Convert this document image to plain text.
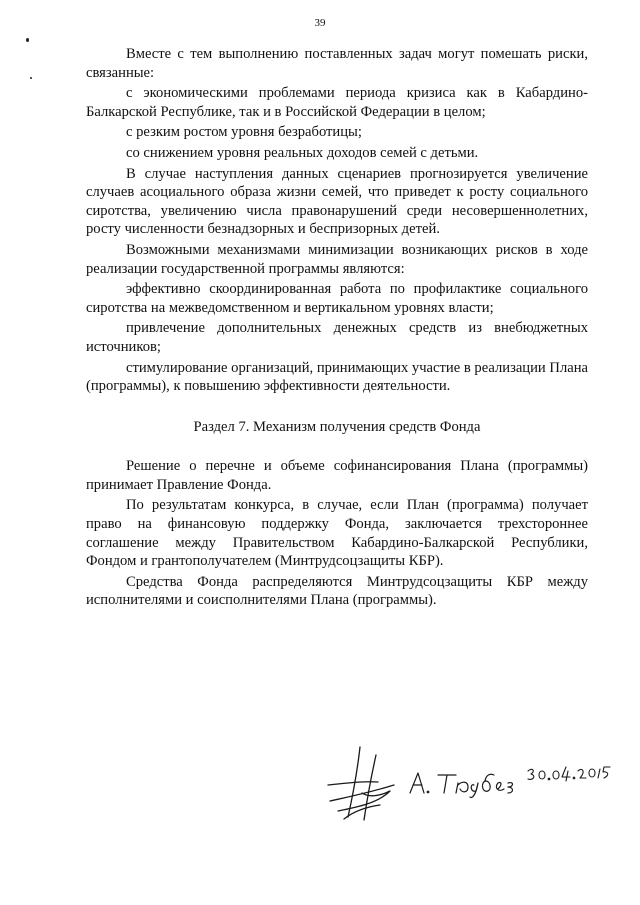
39

Вместе с тем выполнению поставленных задач могут помешать риски, связанные:

с экономическими проблемами периода кризиса как в Кабардино-Балкарской Республике, так и в Российской Федерации в целом;

с резким ростом уровня безработицы;

со снижением уровня реальных доходов семей с детьми.

В случае наступления данных сценариев прогнозируется увеличение случаев асоциального образа жизни семей, что приведет к росту социального сиротства, увеличению числа правонарушений среди несовершеннолетних, росту численности безнадзорных и беспризорных детей.

Возможными механизмами минимизации возникающих рисков в ходе реализации государственной программы являются:

эффективно скоординированная работа по профилактике социального сиротства на межведомственном и вертикальном уровнях власти;

привлечение дополнительных денежных средств из внебюджетных источников;

стимулирование организаций, принимающих участие в реализации Плана (программы), к повышению эффективности деятельности.

Раздел 7. Механизм получения средств Фонда

Решение о перечне и объеме софинансирования Плана (программы) принимает Правление Фонда.

По результатам конкурса, в случае, если План (программа) получает право на финансовую поддержку Фонда, заключается трехстороннее соглашение между Правительством Кабардино-Балкарской Республики, Фондом и грантополучателем (Минтрудсоцзащиты КБР).

Средства Фонда распределяются Минтрудсоцзащиты КБР между исполнителями и соисполнителями Плана (программы).
